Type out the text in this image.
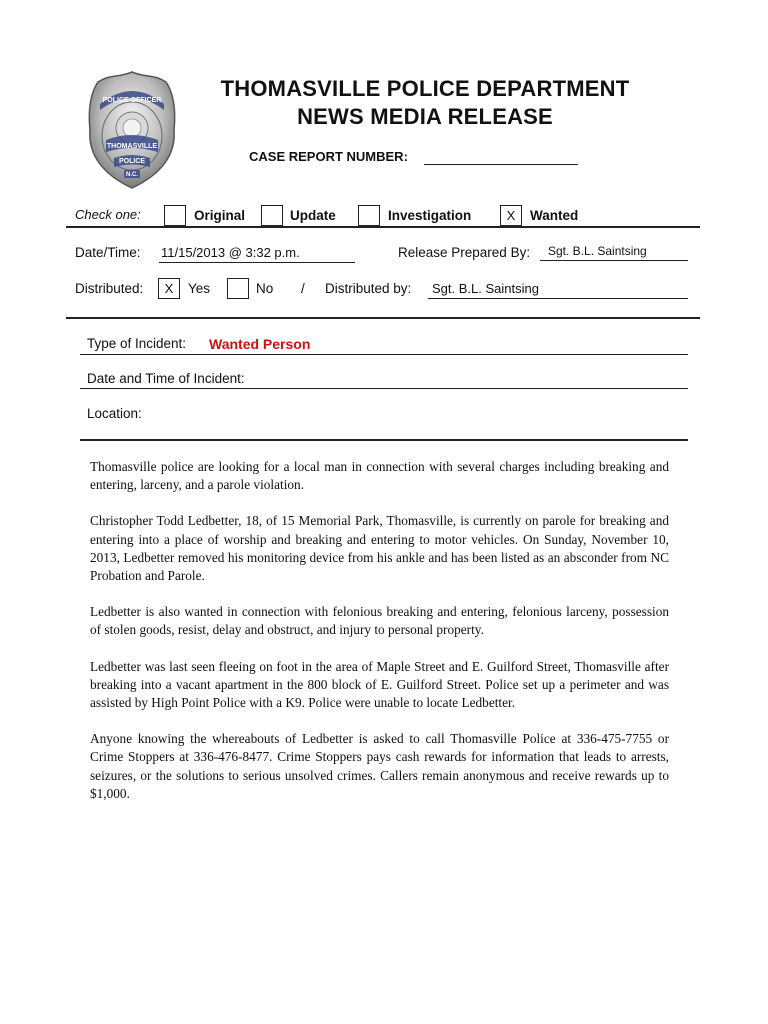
POLICE OFFICER
THOMASVILLE
POLICE
N.C.
THOMASVILLE POLICE DEPARTMENT
NEWS MEDIA RELEASE
CASE REPORT NUMBER:
Check one:	Original	Update	Investigation	X	Wanted
Date/Time: 11/15/2013 @ 3:32 p.m.	Release Prepared By:	Sgt. B.L. Saintsing
Distributed:	X	Yes	No / Distributed by:	Sgt. B.L. Saintsing
Type of Incident: Wanted Person
Date and Time of Incident:
Location:

Thomasville police are looking for a local man in connection with several charges including breaking and entering, larceny, and a parole violation.

Christopher Todd Ledbetter, 18, of 15 Memorial Park, Thomasville, is currently on parole for breaking and entering into a place of worship and breaking and entering to motor vehicles. On Sunday, November 10, 2013, Ledbetter removed his monitoring device from his ankle and has been listed as an absconder from NC Probation and Parole.

Ledbetter is also wanted in connection with felonious breaking and entering, felonious larceny, possession of stolen goods, resist, delay and obstruct, and injury to personal property.

Ledbetter was last seen fleeing on foot in the area of Maple Street and E. Guilford Street, Thomasville after breaking into a vacant apartment in the 800 block of E. Guilford Street. Police set up a perimeter and was assisted by High Point Police with a K9. Police were unable to locate Ledbetter.

Anyone knowing the whereabouts of Ledbetter is asked to call Thomasville Police at 336-475-7755 or Crime Stoppers at 336-476-8477. Crime Stoppers pays cash rewards for information that leads to arrests, seizures, or the solutions to serious unsolved crimes. Callers remain anonymous and receive rewards up to $1,000.
